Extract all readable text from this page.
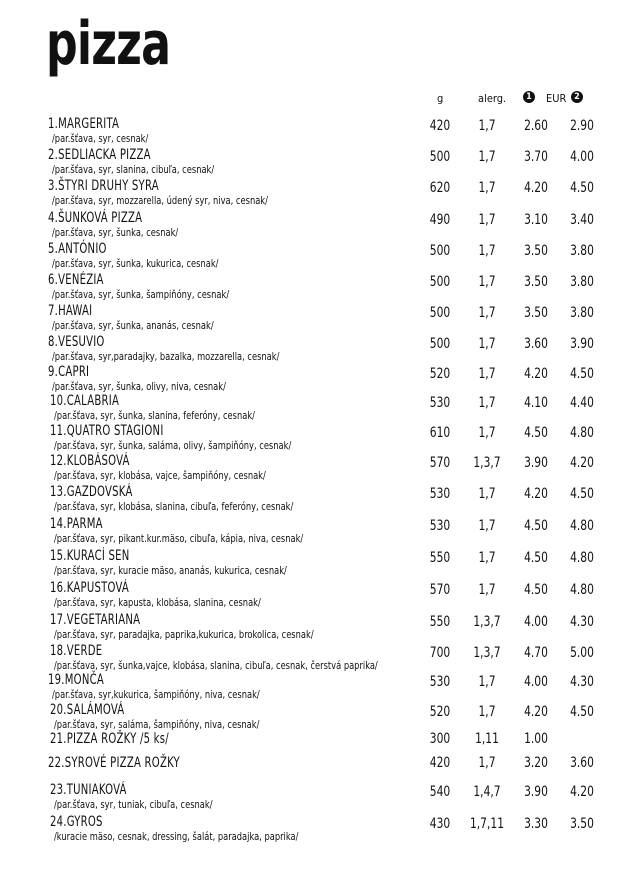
pizza
g	alerg.	1 EUR 2
1.MARGERITA
/par.šťava, syr, cesnak/
420	1,7	2.60	2.90
2.SEDLIACKA PIZZA
/par.šťava, syr, slanina, cibuľa, cesnak/
500	1,7	3.70	4.00
3.ŠTYRI DRUHY SYRA
/par.šťava, syr, mozzarella, údený syr, niva, cesnak/
620	1,7	4.20	4.50
4.ŠUNKOVÁ PIZZA
/par.šťava, syr, šunka, cesnak/
490	1,7	3.10	3.40
5.ANTÓNIO
/par.šťava, syr, šunka, kukurica, cesnak/
500	1,7	3.50	3.80
6.VENÉZIA
/par.šťava, syr, šunka, šampiňóny, cesnak/
500	1,7	3.50	3.80
7.HAWAI
/par.šťava, syr, šunka, ananás, cesnak/
500	1,7	3.50	3.80
8.VESUVIO
/par.šťava, syr,paradajky, bazalka, mozzarella, cesnak/
500	1,7	3.60	3.90
9.CAPRI
/par.šťava, syr, šunka, olivy, niva, cesnak/
520	1,7	4.20	4.50
10.CALABRIA
/par.šťava, syr, šunka, slanina, feferóny, cesnak/
530	1,7	4.10	4.40
11.QUATRO STAGIONI
/par.šťava, syr, šunka, saláma, olivy, šampiňóny, cesnak/
610	1,7	4.50	4.80
12.KLOBÁSOVÁ
/par.šťava, syr, klobása, vajce, šampiňóny, cesnak/
570	1,3,7	3.90	4.20
13.GAZDOVSKÁ
/par.šťava, syr, klobása, slanina, cibuľa, feferóny, cesnak/
530	1,7	4.20	4.50
14.PARMA
/par.šťava, syr, pikant.kur.mäso, cibuľa, kápia, niva, cesnak/
530	1,7	4.50	4.80
15.KURACÍ SEN
/par.šťava, syr, kuracie mäso, ananás, kukurica, cesnak/
550	1,7	4.50	4.80
16.KAPUSTOVÁ
/par.šťava, syr, kapusta, klobása, slanina, cesnak/
570	1,7	4.50	4.80
17.VEGETARIANA
/par.šťava, syr, paradajka, paprika,kukurica, brokolica, cesnak/
550	1,3,7	4.00	4.30
18.VERDE
/par.šťava, syr, šunka,vajce, klobása, slanina, cibuľa, cesnak, čerstvá paprika/
700	1,3,7	4.70	5.00
19.MONČA
/par.šťava, syr,kukurica, šampiňóny, niva, cesnak/
530	1,7	4.00	4.30
20.SALÁMOVÁ
/par.šťava, syr, saláma, šampiňóny, niva, cesnak/
520	1,7	4.20	4.50
21.PIZZA ROŽKY /5 ks/	300	1,11	1.00
22.SYROVÉ PIZZA ROŽKY	420	1,7	3.20	3.60
23.TUNIAKOVÁ
/par.šťava, syr, tuniak, cibuľa, cesnak/
540	1,4,7	3.90	4.20
24.GYROS
/kuracie mäso, cesnak, dressing, šalát, paradajka, paprika/
430	1,7,11	3.30	3.50
